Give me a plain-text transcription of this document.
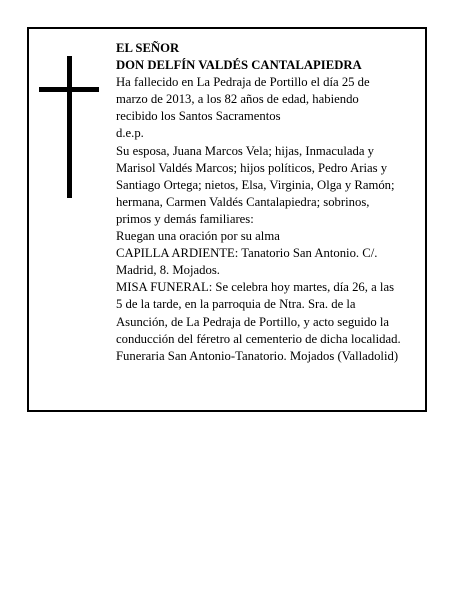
EL SEÑOR

DON DELFÍN VALDÉS CANTALAPIEDRA

Ha fallecido en La Pedraja de Portillo el día 25 de

marzo de 2013, a los 82 años de edad, habiendo

recibido los Santos Sacramentos

d.e.p.

Su esposa, Juana Marcos Vela; hijas, Inmaculada y

Marisol Valdés Marcos; hijos políticos, Pedro Arias y

Santiago Ortega; nietos, Elsa, Virginia, Olga y Ramón;

hermana, Carmen Valdés Cantalapiedra; sobrinos,

primos y demás familiares:

Ruegan una oración por su alma

CAPILLA ARDIENTE: Tanatorio San Antonio. C/.

Madrid, 8. Mojados.

MISA FUNERAL: Se celebra hoy martes, día 26, a las

5 de la tarde, en la parroquia de Ntra. Sra. de la

Asunción, de La Pedraja de Portillo, y acto seguido la

conducción del féretro al cementerio de dicha localidad.

Funeraria San Antonio-Tanatorio. Mojados (Valladolid)
